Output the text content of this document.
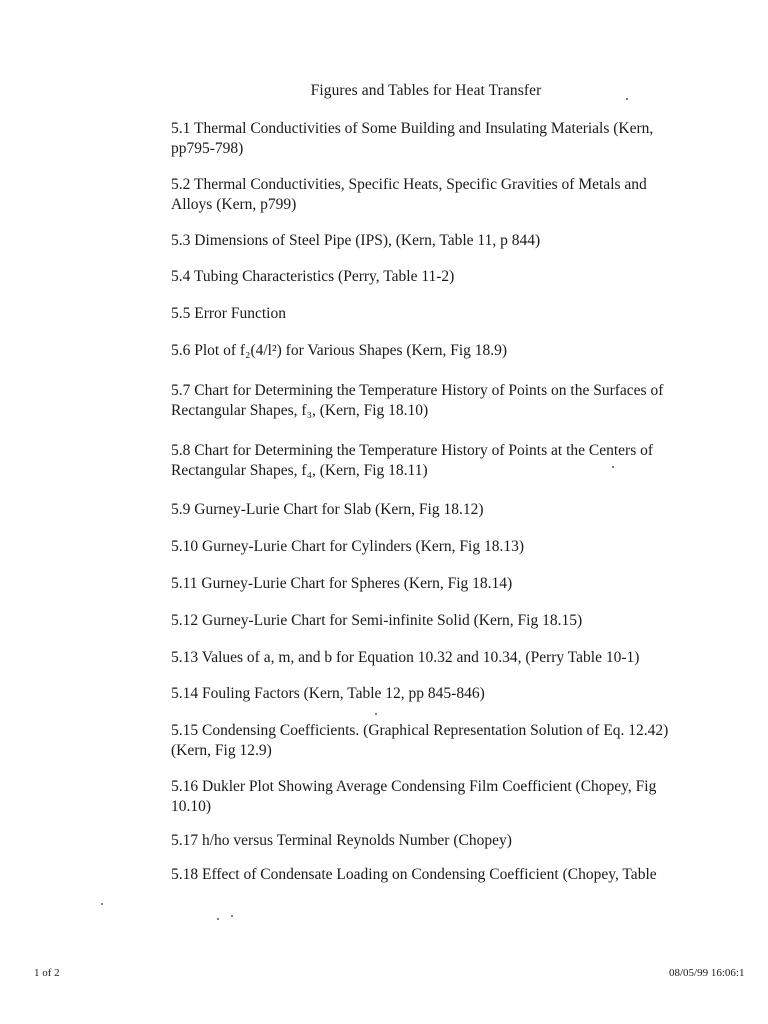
Figures and Tables for Heat Transfer
5.1 Thermal Conductivities of Some Building and Insulating Materials (Kern,
pp795-798)
5.2 Thermal Conductivities, Specific Heats, Specific Gravities of Metals and
Alloys (Kern, p799)
5.3 Dimensions of Steel Pipe (IPS), (Kern, Table 11, p 844)
5.4 Tubing Characteristics (Perry, Table 11-2)
5.5 Error Function
5.6 Plot of f₂(4/l²) for Various Shapes (Kern, Fig 18.9)
5.7 Chart for Determining the Temperature History of Points on the Surfaces of
Rectangular Shapes, f₃, (Kern, Fig 18.10)
5.8 Chart for Determining the Temperature History of Points at the Centers of
Rectangular Shapes, f₄, (Kern, Fig 18.11)
5.9 Gurney-Lurie Chart for Slab (Kern, Fig 18.12)
5.10 Gurney-Lurie Chart for Cylinders (Kern, Fig 18.13)
5.11 Gurney-Lurie Chart for Spheres (Kern, Fig 18.14)
5.12 Gurney-Lurie Chart for Semi-infinite Solid (Kern, Fig 18.15)
5.13 Values of a, m, and b for Equation 10.32 and 10.34, (Perry Table 10-1)
5.14 Fouling Factors (Kern, Table 12, pp 845-846)
5.15 Condensing Coefficients. (Graphical Representation Solution of Eq. 12.42)
(Kern, Fig 12.9)
5.16 Dukler Plot Showing Average Condensing Film Coefficient (Chopey, Fig
10.10)
5.17 h/ho versus Terminal Reynolds Number (Chopey)
5.18 Effect of Condensate Loading on Condensing Coefficient (Chopey, Table
1 of 2	08/05/99 16:06:1
